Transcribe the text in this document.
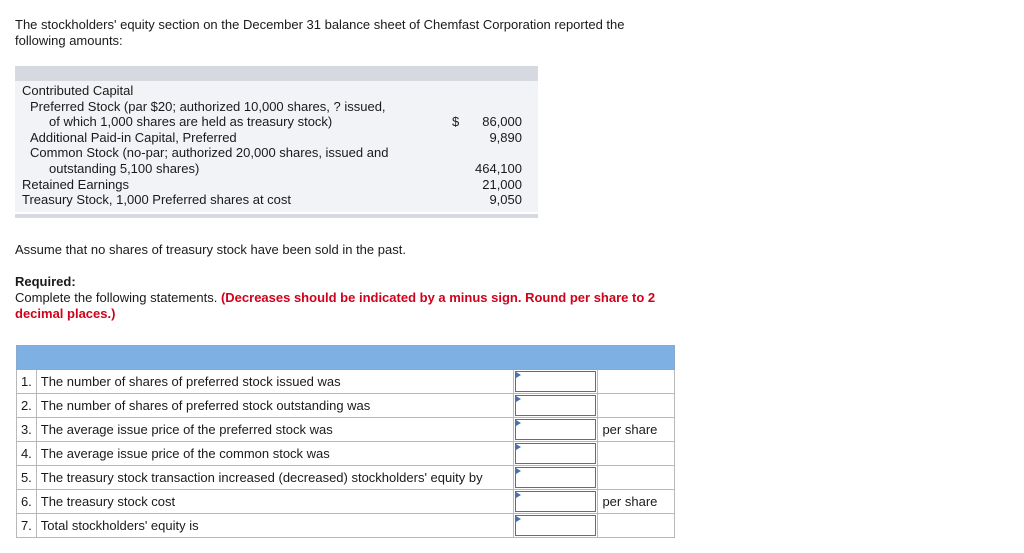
The stockholders' equity section on the December 31 balance sheet of Chemfast Corporation reported the following amounts:
Contributed Capital
Preferred Stock (par $20; authorized 10,000 shares, ? issued,
of which 1,000 shares are held as treasury stock)	$ 86,000
Additional Paid-in Capital, Preferred	9,890
Common Stock (no-par; authorized 20,000 shares, issued and
outstanding 5,100 shares)	464,100
Retained Earnings	21,000
Treasury Stock, 1,000 Preferred shares at cost	9,050
Assume that no shares of treasury stock have been sold in the past.
Required:
Complete the following statements. (Decreases should be indicated by a minus sign. Round per share to 2 decimal places.)

1.	The number of shares of preferred stock issued was	

2.	The number of shares of preferred stock outstanding was	

3.	The average issue price of the preferred stock was		per share
4.	The average issue price of the common stock was	

5.	The treasury stock transaction increased (decreased) stockholders' equity by	

6.	The treasury stock cost		per share
7.	Total stockholders' equity is	
